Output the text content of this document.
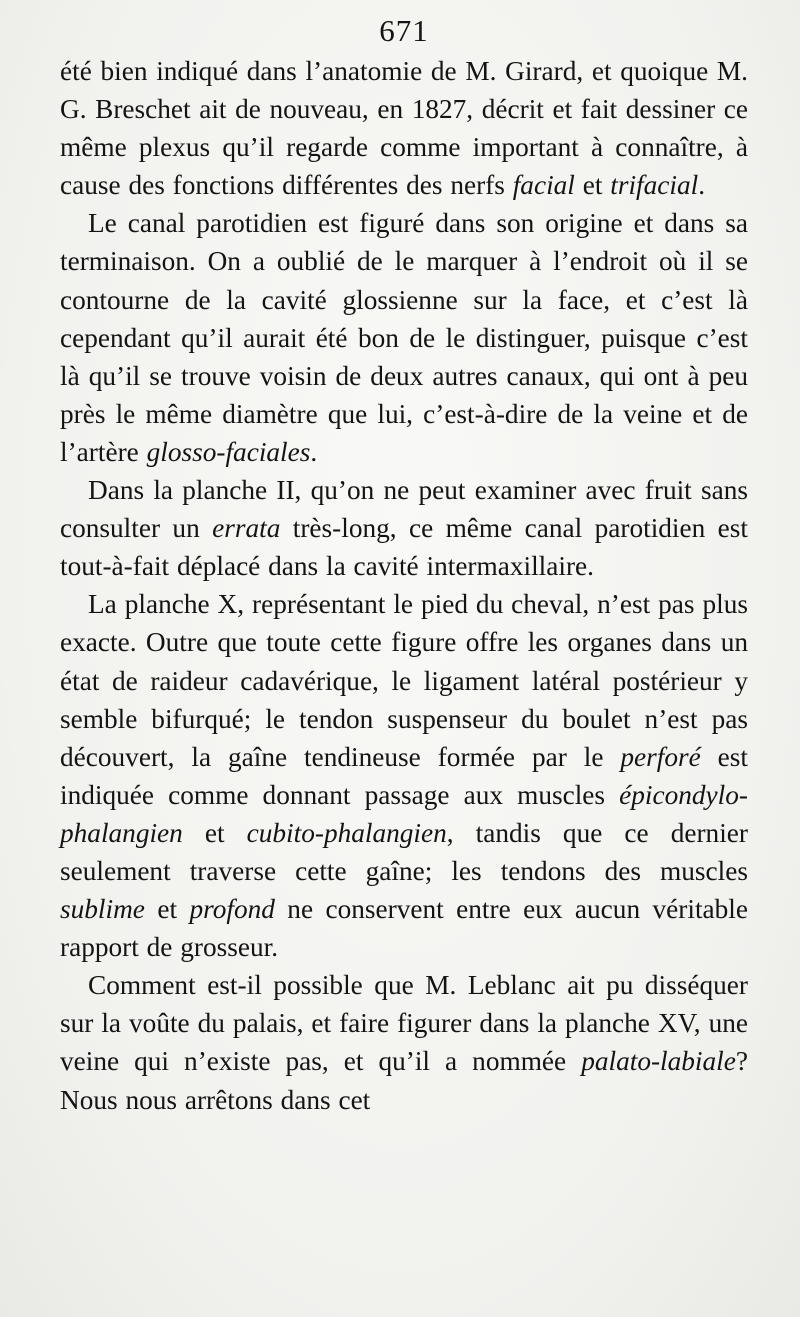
671

été bien indiqué dans l’anatomie de M. Girard, et quoique M. G. Breschet ait de nouveau, en 1827, décrit et fait dessiner ce même plexus qu’il regarde comme important à connaître, à cause des fonctions différentes des nerfs facial et trifacial.

Le canal parotidien est figuré dans son origine et dans sa terminaison. On a oublié de le marquer à l’endroit où il se contourne de la cavité glossienne sur la face, et c’est là cependant qu’il aurait été bon de le distinguer, puisque c’est là qu’il se trouve voisin de deux autres canaux, qui ont à peu près le même diamètre que lui, c’est-à-dire de la veine et de l’artère glosso-faciales.

Dans la planche II, qu’on ne peut examiner avec fruit sans consulter un errata très-long, ce même canal parotidien est tout-à-fait déplacé dans la cavité intermaxillaire.

La planche X, représentant le pied du cheval, n’est pas plus exacte. Outre que toute cette figure offre les organes dans un état de raideur cadavérique, le ligament latéral postérieur y semble bifurqué; le tendon suspenseur du boulet n’est pas découvert, la gaîne tendineuse formée par le perforé est indiquée comme donnant passage aux muscles épicondylo-phalangien et cubito-phalangien, tandis que ce dernier seulement traverse cette gaîne; les tendons des muscles sublime et profond ne conservent entre eux aucun véritable rapport de grosseur.

Comment est-il possible que M. Leblanc ait pu disséquer sur la voûte du palais, et faire figurer dans la planche XV, une veine qui n’existe pas, et qu’il a nommée palato-labiale? Nous nous arrêtons dans cet
